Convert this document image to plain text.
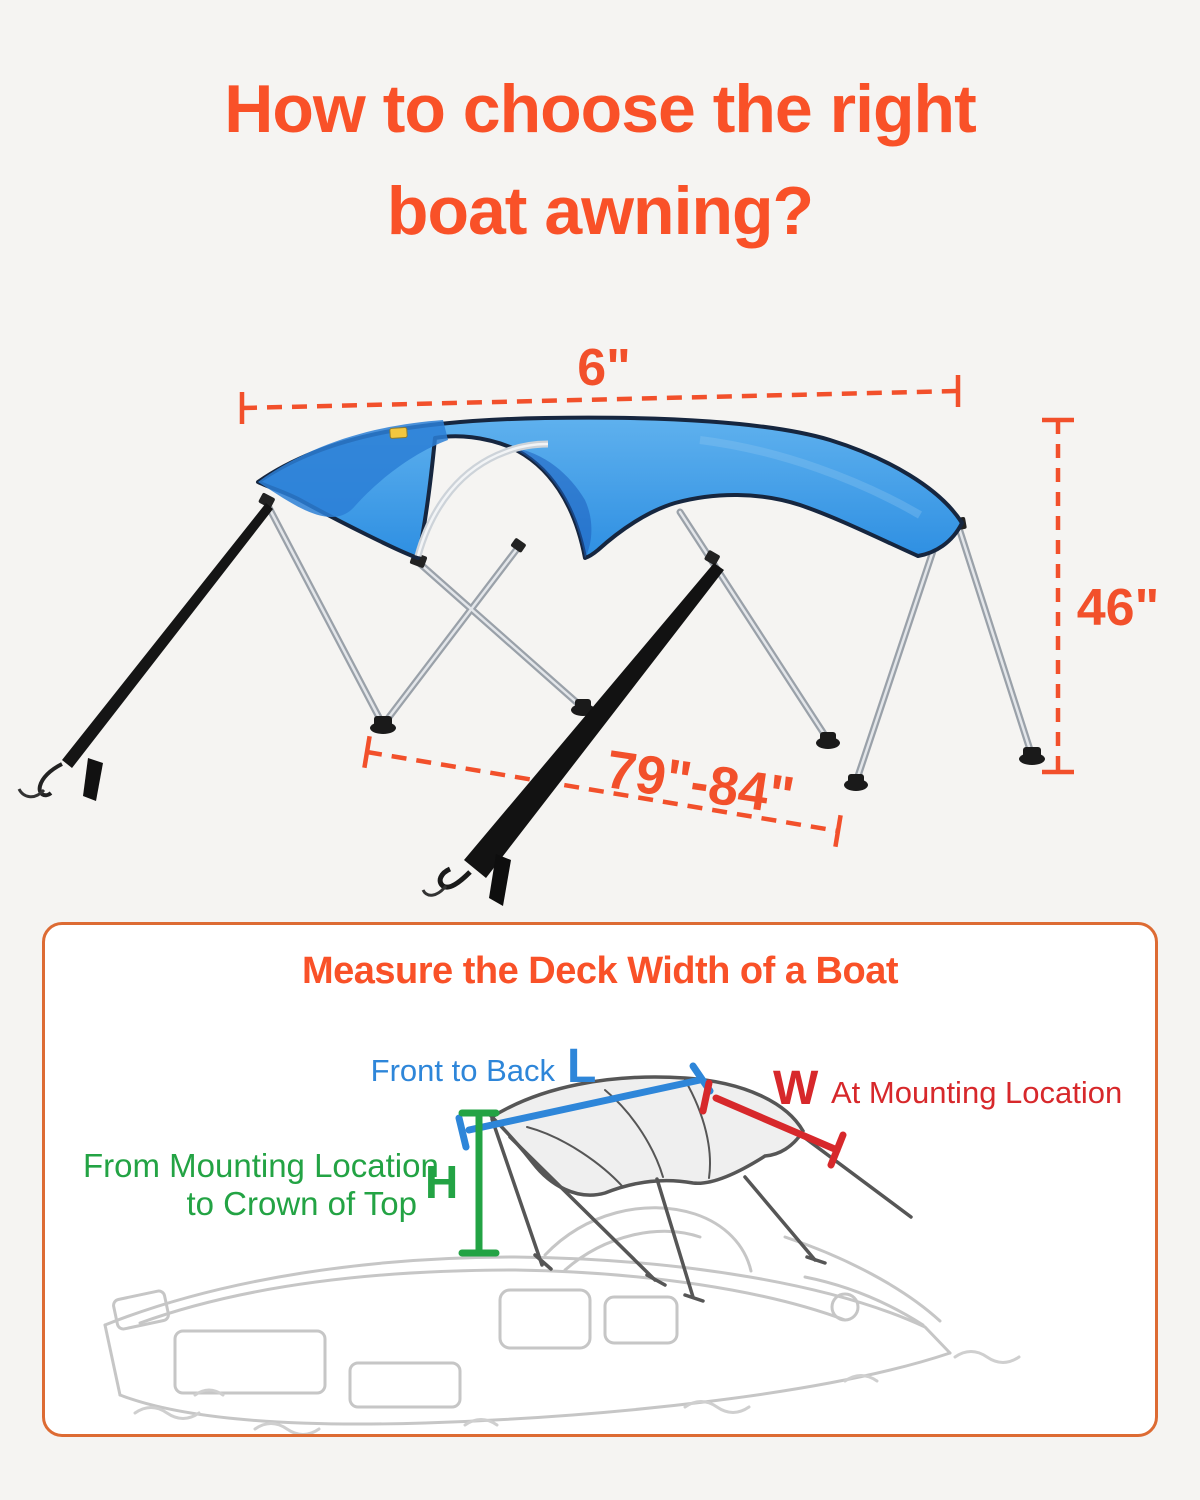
How to choose the right
boat awning?
6"
46"
79"-84"
Measure the Deck Width of a Boat
Front to Back L	W At Mounting Location
From Mounting Location
to Crown of Top H
